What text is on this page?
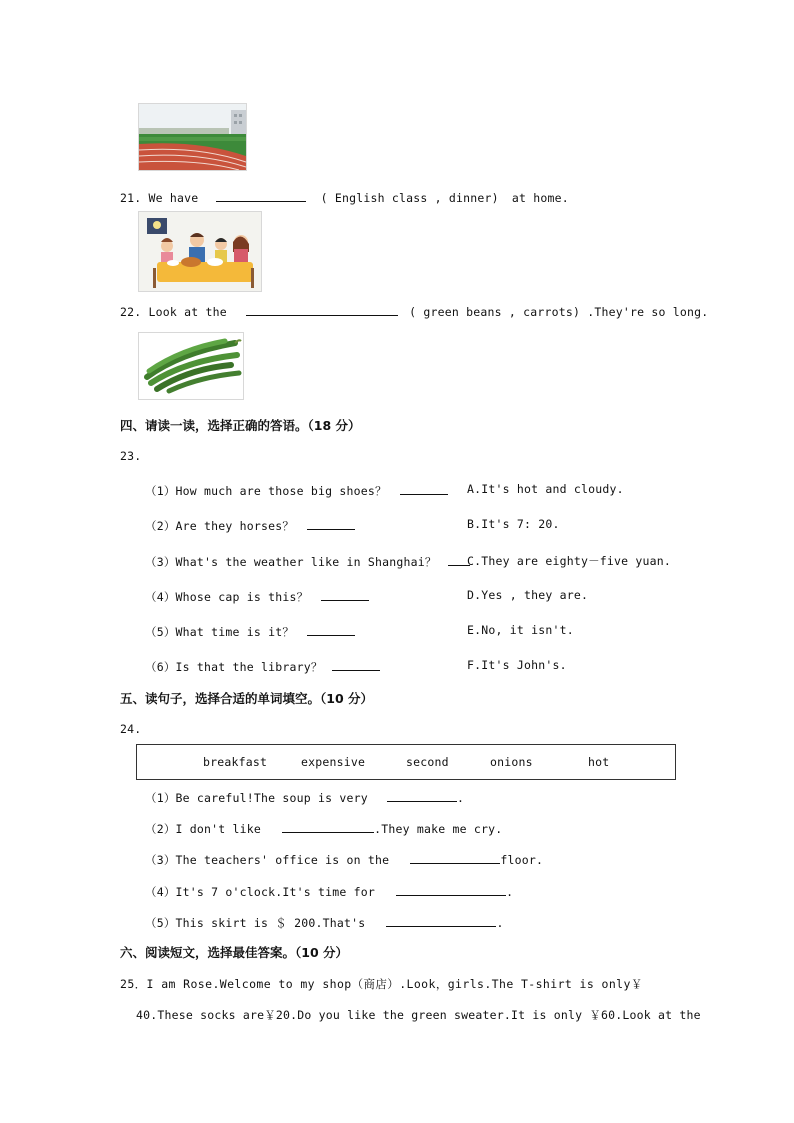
21. We have	( English class , dinner) at home.
22. Look at the	( green beans , carrots) .They're so long.
四、请读一读，选择正确的答语。（18 分）
23.
（1）How much are those big shoes？	A.It's hot and cloudy.
（2）Are they horses？	B.It's 7: 20.
（3）What's the weather like in Shanghai？	C.They are eighty－five yuan.
（4）Whose cap is this？	D.Yes , they are.
（5）What time is it？	E.No, it isn't.
（6）Is that the library？	F.It's John's.
五、读句子，选择合适的单词填空。（10 分）
24.
breakfast	expensive	second	onions	hot
（1）Be careful!The soup is very	.
（2）I don't like	.They make me cry.
（3）The teachers' office is on the	floor.
（4）It's 7 o'clock.It's time for	.
（5）This skirt is ＄ 200.That's	.
六、阅读短文，选择最佳答案。（10 分）
25．I am Rose.Welcome to my shop（商店）.Look，girls.The T-shirt is only￥
40.These socks are￥20.Do you like the green sweater.It is only ￥60.Look at the
